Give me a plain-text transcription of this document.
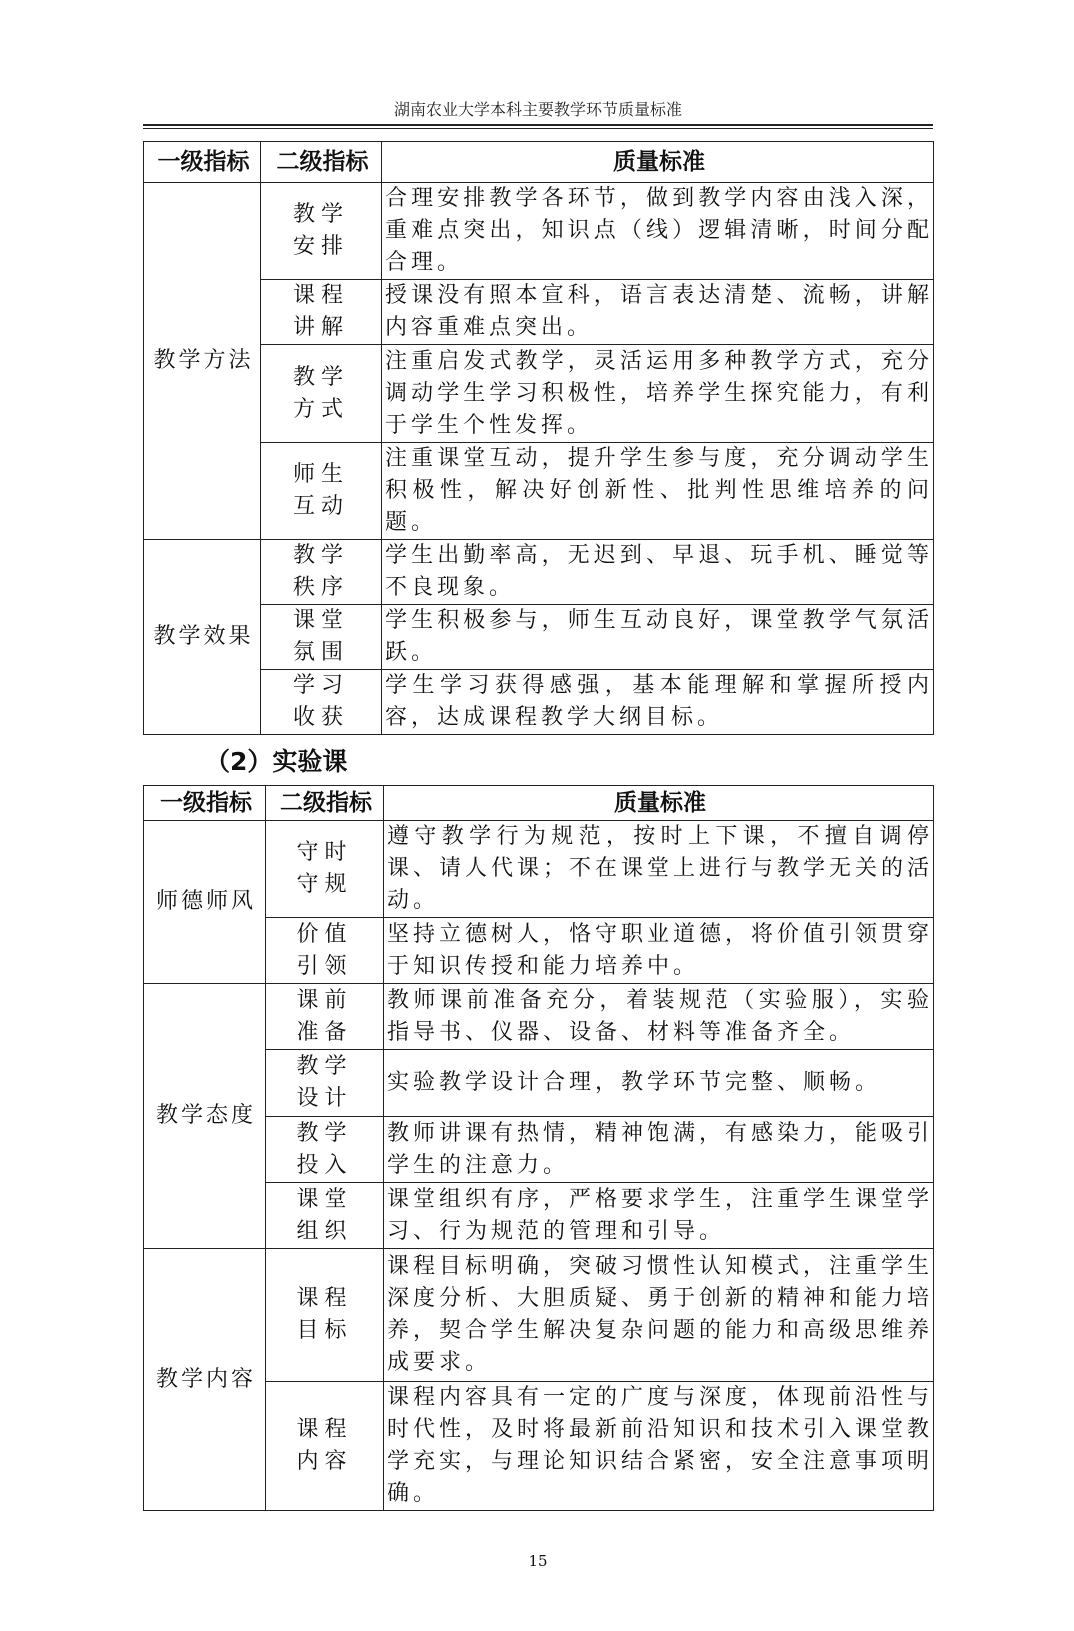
湖南农业大学本科主要教学环节质量标准
一级指标	二级指标	质量标准
教学方法	教学安排	合理安排教学各环节，做到教学内容由浅入深，重难点突出，知识点（线）逻辑清晰，时间分配合理。
	课程讲解	授课没有照本宣科，语言表达清楚、流畅，讲解内容重难点突出。
	教学方式	注重启发式教学，灵活运用多种教学方式，充分调动学生学习积极性，培养学生探究能力，有利于学生个性发挥。
	师生互动	注重课堂互动，提升学生参与度，充分调动学生积极性，解决好创新性、批判性思维培养的问题。
教学效果	教学秩序	学生出勤率高，无迟到、早退、玩手机、睡觉等不良现象。
	课堂氛围	学生积极参与，师生互动良好，课堂教学气氛活跃。
	学习收获	学生学习获得感强，基本能理解和掌握所授内容，达成课程教学大纲目标。
（2）实验课
一级指标	二级指标	质量标准
师德师风	守时守规	遵守教学行为规范，按时上下课，不擅自调停课、请人代课；不在课堂上进行与教学无关的活动。
	价值引领	坚持立德树人，恪守职业道德，将价值引领贯穿于知识传授和能力培养中。
教学态度	课前准备	教师课前准备充分，着装规范（实验服），实验指导书、仪器、设备、材料等准备齐全。
	教学设计	实验教学设计合理，教学环节完整、顺畅。
	教学投入	教师讲课有热情，精神饱满，有感染力，能吸引学生的注意力。
	课堂组织	课堂组织有序，严格要求学生，注重学生课堂学习、行为规范的管理和引导。
教学内容	课程目标	课程目标明确，突破习惯性认知模式，注重学生深度分析、大胆质疑、勇于创新的精神和能力培养，契合学生解决复杂问题的能力和高级思维养成要求。
	课程内容	课程内容具有一定的广度与深度，体现前沿性与时代性，及时将最新前沿知识和技术引入课堂教学充实，与理论知识结合紧密，安全注意事项明确。
15
